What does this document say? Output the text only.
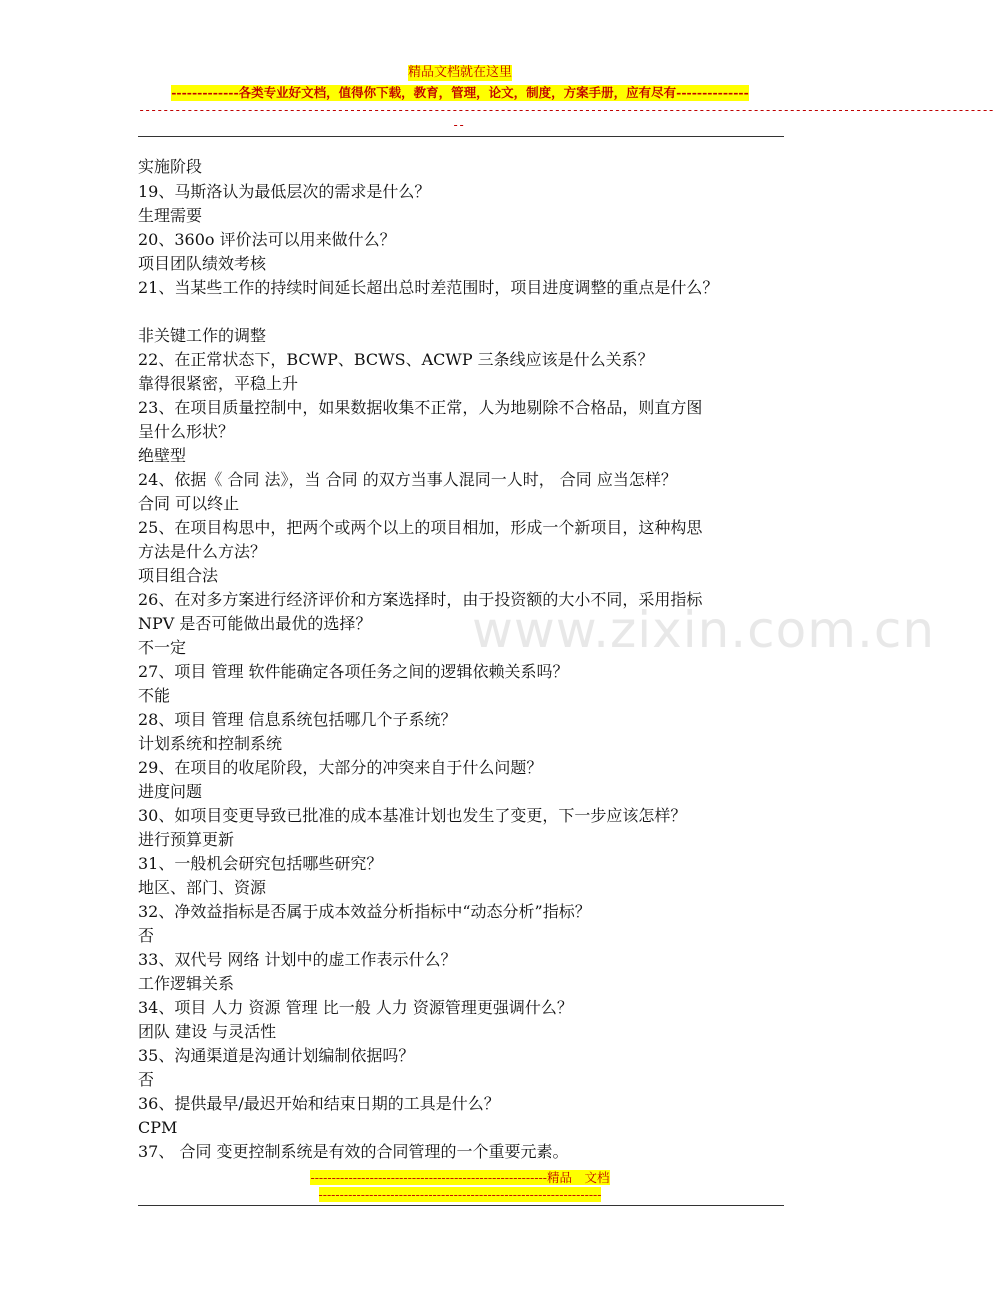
精品文档就在这里
-------------各类专业好文档，值得你下载，教育，管理，论文，制度，方案手册，应有尽有--------------
----------------------------------------------------------------------------------------------------------------------------------------------
--
www.zixin.com.cn
实施阶段
19、马斯洛认为最低层次的需求是什么？
生理需要
20、360o 评价法可以用来做什么？
项目团队绩效考核
21、当某些工作的持续时间延长超出总时差范围时，项目进度调整的重点是什么？
非关键工作的调整
22、在正常状态下，BCWP、BCWS、ACWP 三条线应该是什么关系？
靠得很紧密，平稳上升
23、在项目质量控制中，如果数据收集不正常，人为地剔除不合格品，则直方图
呈什么形状？
绝壁型
24、依据《 合同 法》，当 合同 的双方当事人混同一人时， 合同 应当怎样？
合同 可以终止
25、在项目构思中，把两个或两个以上的项目相加，形成一个新项目，这种构思
方法是什么方法？
项目组合法
26、在对多方案进行经济评价和方案选择时，由于投资额的大小不同，采用指标
NPV 是否可能做出最优的选择？
不一定
27、项目 管理 软件能确定各项任务之间的逻辑依赖关系吗？
不能
28、项目 管理 信息系统包括哪几个子系统？
计划系统和控制系统
29、在项目的收尾阶段，大部分的冲突来自于什么问题？
进度问题
30、如项目变更导致已批准的成本基准计划也发生了变更，下一步应该怎样？
进行预算更新
31、一般机会研究包括哪些研究？
地区、部门、资源
32、净效益指标是否属于成本效益分析指标中“动态分析”指标？
否
33、双代号 网络 计划中的虚工作表示什么？
工作逻辑关系
34、项目 人力 资源 管理 比一般 人力 资源管理更强调什么？
团队 建设 与灵活性
35、沟通渠道是沟通计划编制依据吗？
否
36、提供最早/最迟开始和结束日期的工具是什么？
CPM
37、 合同 变更控制系统是有效的合同管理的一个重要元素。
--------------------------------------------------------精品　文档
-------------------------------------------------------------------
